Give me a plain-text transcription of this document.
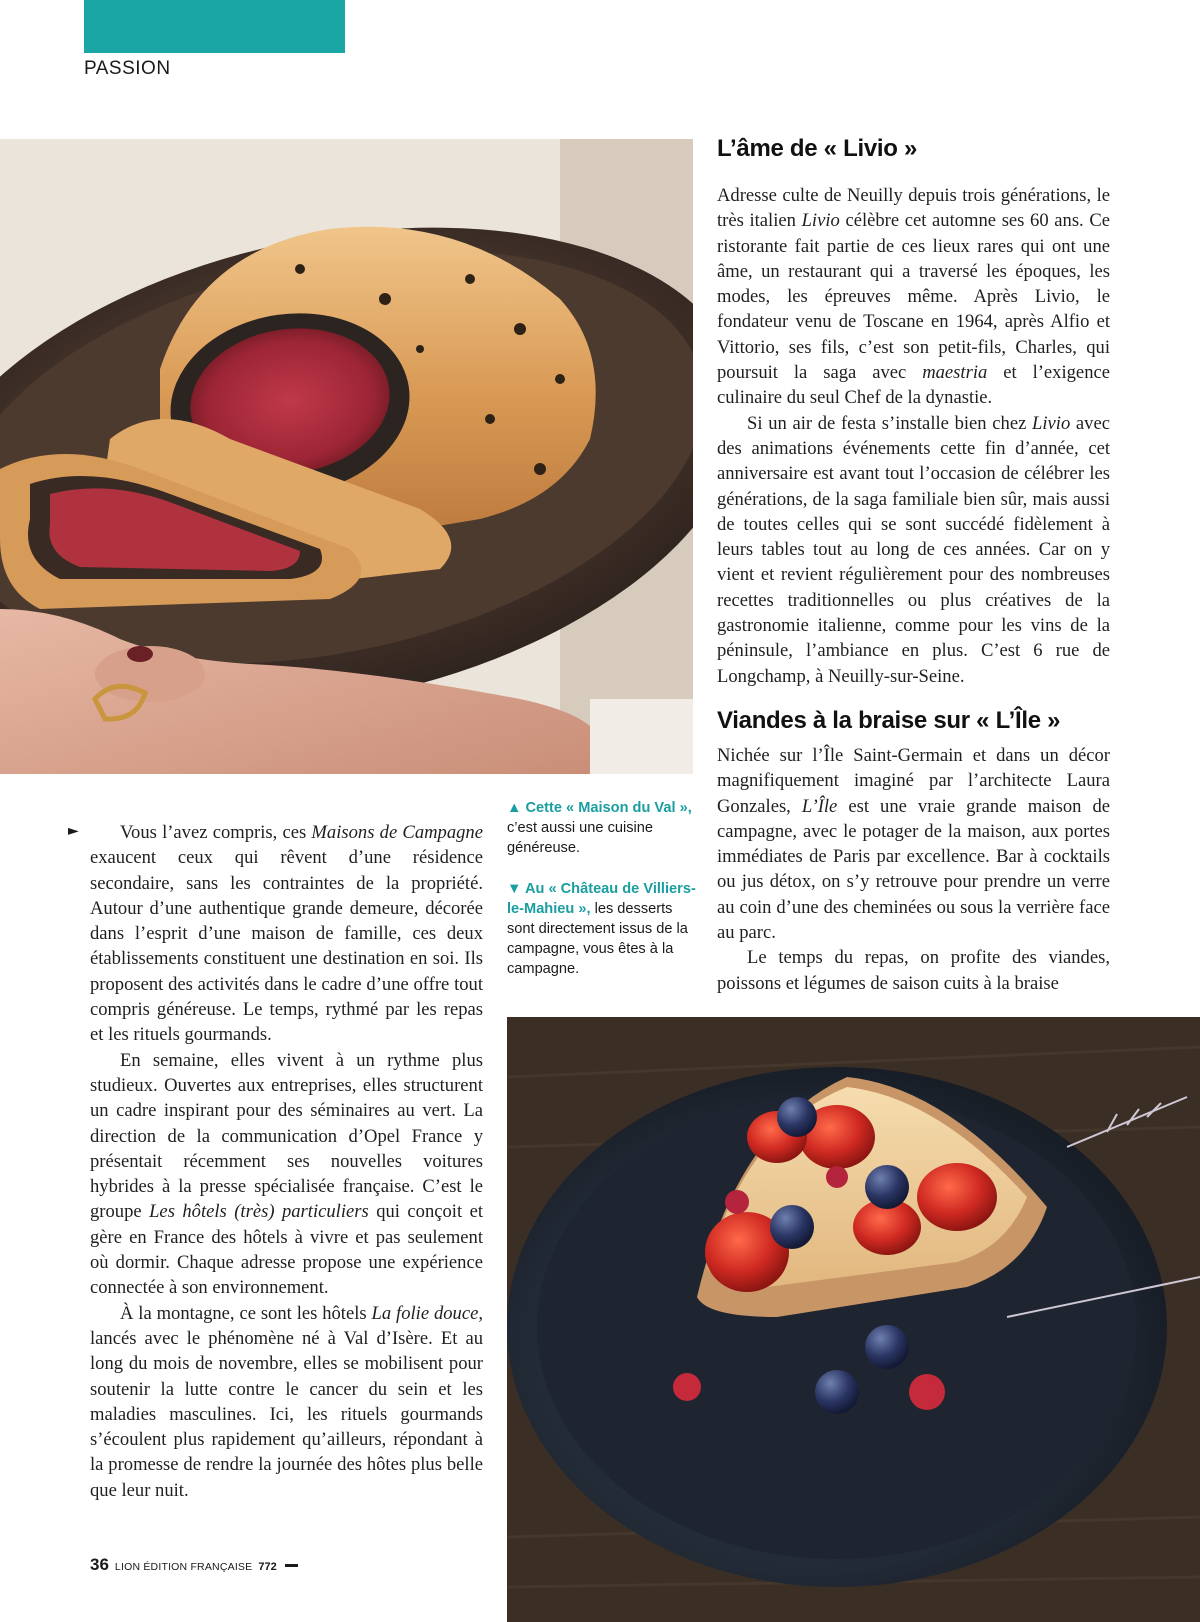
PASSION
L’âme de « Livio »

Adresse culte de Neuilly depuis trois générations, le très italien Livio célèbre cet automne ses 60 ans. Ce ristorante fait partie de ces lieux rares qui ont une âme, un restaurant qui a traversé les époques, les modes, les épreuves même. Après Livio, le fondateur venu de Toscane en 1964, après Alfio et Vittorio, ses fils, c’est son petit-fils, Charles, qui poursuit la saga avec maestria et l’exigence culinaire du seul Chef de la dynastie.

Si un air de festa s’installe bien chez Livio avec des animations événements cette fin d’année, cet anniversaire est avant tout l’occasion de célébrer les générations, de la saga familiale bien sûr, mais aussi de toutes celles qui se sont succédé fidèlement à leurs tables tout au long de ces années. Car on y vient et revient régulièrement pour des nombreuses recettes traditionnelles ou plus créatives de la gastronomie italienne, comme pour les vins de la péninsule, l’ambiance en plus. C’est 6 rue de Longchamp, à Neuilly-sur-Seine.

Viandes à la braise sur « L’Île »

Nichée sur l’Île Saint-Germain et dans un décor magnifiquement imaginé par l’architecte Laura Gonzales, L’Île est une vraie grande maison de campagne, avec le potager de la maison, aux portes immédiates de Paris par excellence. Bar à cocktails ou jus détox, on s’y retrouve pour prendre un verre au coin d’une des cheminées ou sous la verrière face au parc.

Le temps du repas, on profite des viandes, poissons et légumes de saison cuits à la braise

▲ Cette « Maison du Val », c’est aussi une cuisine généreuse.
▼ Au « Château de Villiers-le-Mahieu », les desserts sont directement issus de la campagne, vous êtes à la campagne.
►	Vous l’avez compris, ces Maisons de Campagne exaucent ceux qui rêvent d’une résidence secondaire, sans les contraintes de la propriété. Autour d’une authentique grande demeure, décorée dans l’esprit d’une maison de famille, ces deux établissements constituent une destination en soi. Ils proposent des activités dans le cadre d’une offre tout compris généreuse. Le temps, rythmé par les repas et les rituels gourmands.

En semaine, elles vivent à un rythme plus studieux. Ouvertes aux entreprises, elles structurent un cadre inspirant pour des séminaires au vert. La direction de la communication d’Opel France y présentait récemment ses nouvelles voitures hybrides à la presse spécialisée française. C’est le groupe Les hôtels (très) particuliers qui conçoit et gère en France des hôtels à vivre et pas seulement où dormir. Chaque adresse propose une expérience connectée à son environnement.

À la montagne, ce sont les hôtels La folie douce, lancés avec le phénomène né à Val d’Isère. Et au long du mois de novembre, elles se mobilisent pour soutenir la lutte contre le cancer du sein et les maladies masculines. Ici, les rituels gourmands s’écoulent plus rapidement qu’ailleurs, répondant à la promesse de rendre la journée des hôtes plus belle que leur nuit.

36 LION ÉDITION FRANÇAISE 772
